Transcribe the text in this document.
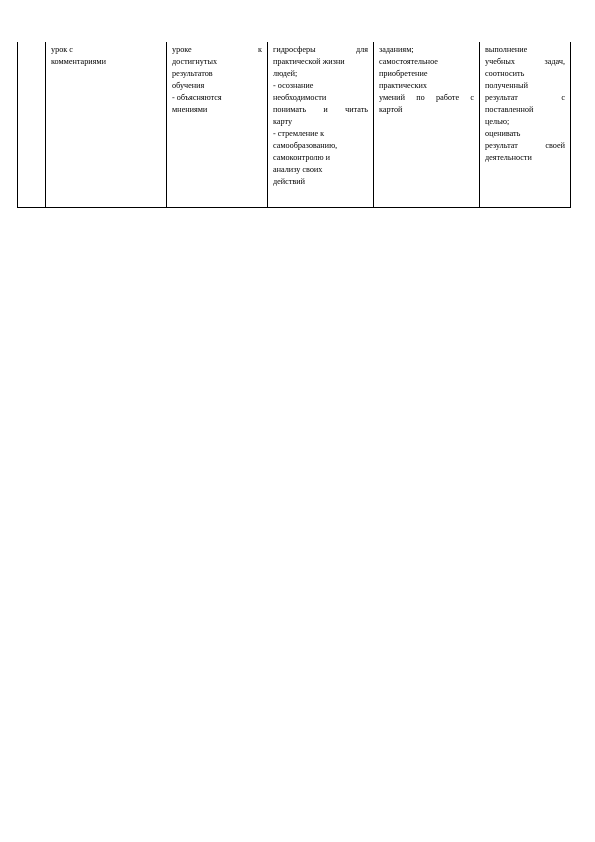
урок с
комментариями

уроке к
достигнутых
результатов
обучения
- объясняются
мнениями

гидросферы для
практической жизни
людей;
- осознание
необходимости
понимать и читать
карту
- стремление к
самообразованию,
самоконтролю и
анализу своих
действий

заданиям;
самостоятельное
приобретение
практических
умений по работе с
картой

выполнение
учебных задач,
соотносить
полученный
результат с
поставленной
целью;
оценивать
результат своей
деятельности
